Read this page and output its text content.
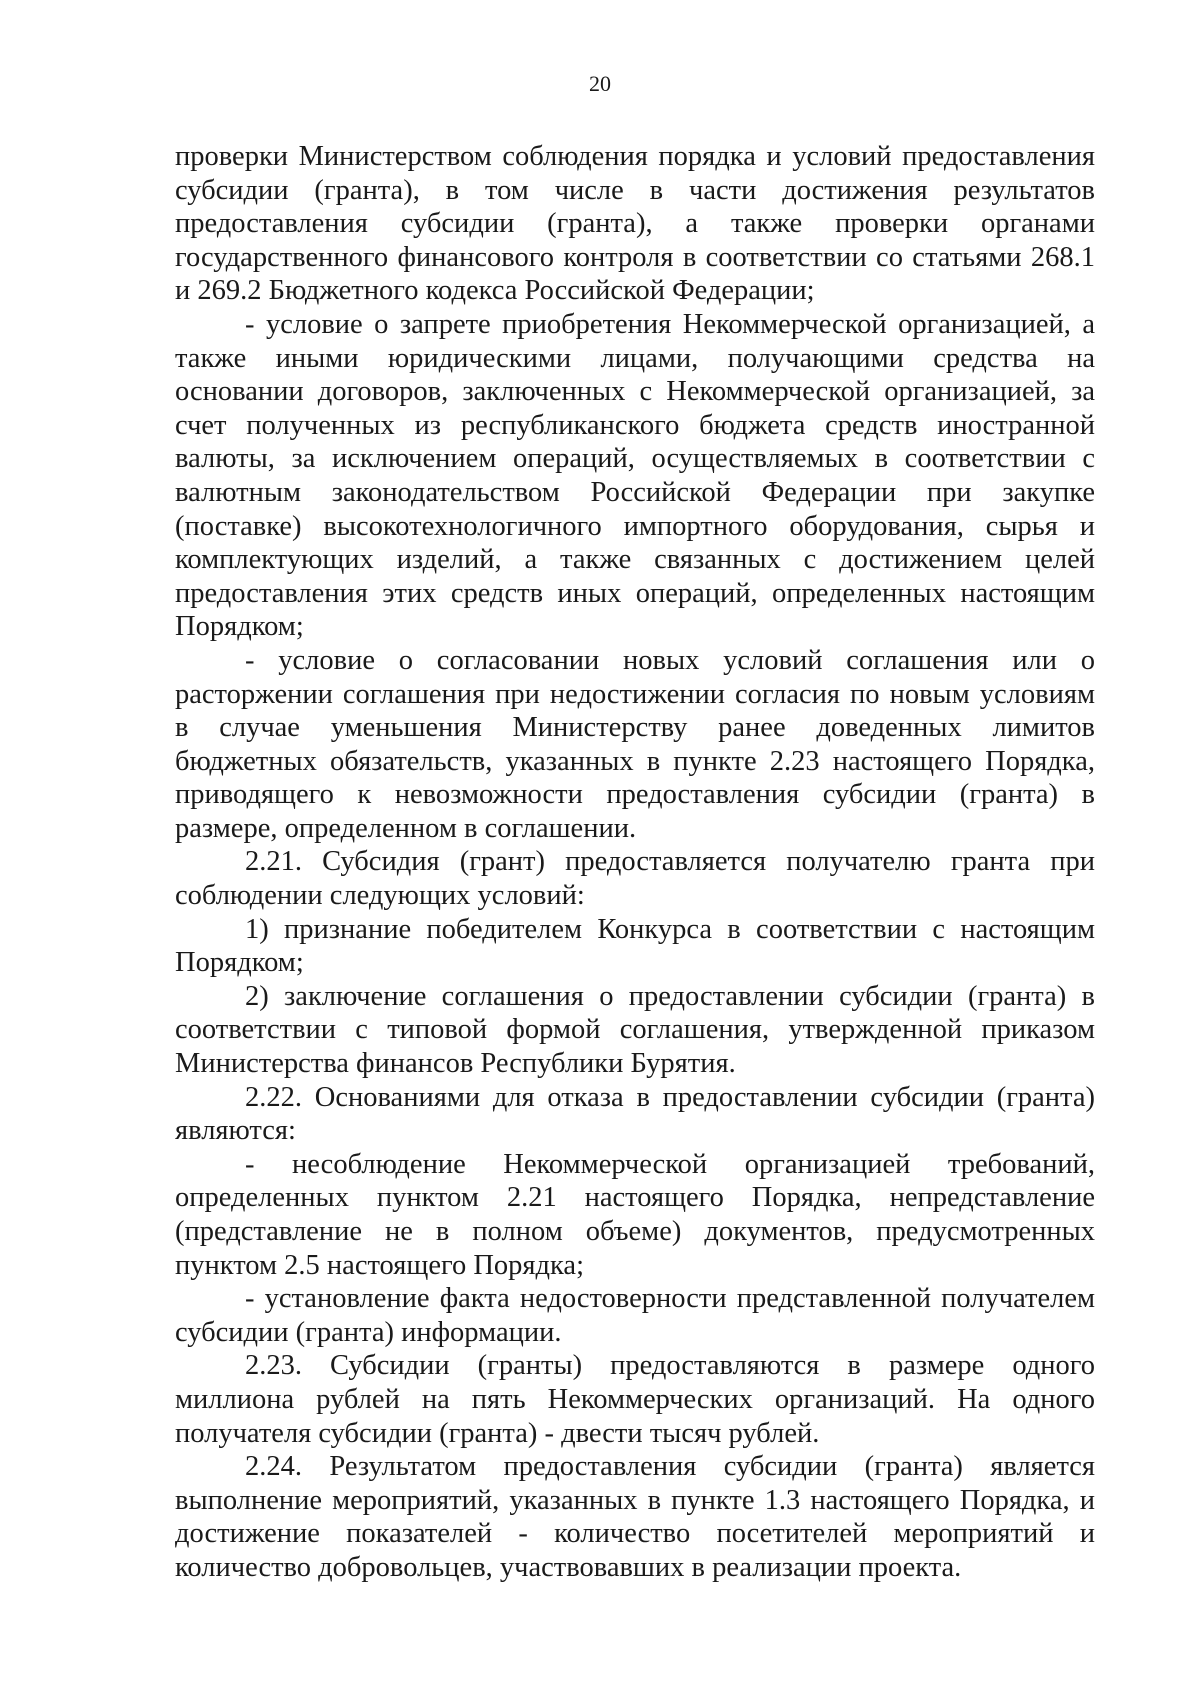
20

проверки Министерством соблюдения порядка и условий предоставления субсидии (гранта), в том числе в части достижения результатов предоставления субсидии (гранта), а также проверки органами государственного финансового контроля в соответствии со статьями 268.1 и 269.2 Бюджетного кодекса Российской Федерации;

- условие о запрете приобретения Некоммерческой организацией, а также иными юридическими лицами, получающими средства на основании договоров, заключенных с Некоммерческой организацией, за счет полученных из республиканского бюджета средств иностранной валюты, за исключением операций, осуществляемых в соответствии с валютным законодательством Российской Федерации при закупке (поставке) высокотехнологичного импортного оборудования, сырья и комплектующих изделий, а также связанных с достижением целей предоставления этих средств иных операций, определенных настоящим Порядком;

- условие о согласовании новых условий соглашения или о расторжении соглашения при недостижении согласия по новым условиям в случае уменьшения Министерству ранее доведенных лимитов бюджетных обязательств, указанных в пункте 2.23 настоящего Порядка, приводящего к невозможности предоставления субсидии (гранта) в размере, определенном в соглашении.

2.21. Субсидия (грант) предоставляется получателю гранта при соблюдении следующих условий:

1) признание победителем Конкурса в соответствии с настоящим Порядком;

2) заключение соглашения о предоставлении субсидии (гранта) в соответствии с типовой формой соглашения, утвержденной приказом Министерства финансов Республики Бурятия.

2.22. Основаниями для отказа в предоставлении субсидии (гранта) являются:

- несоблюдение Некоммерческой организацией требований, определенных пунктом 2.21 настоящего Порядка, непредставление (представление не в полном объеме) документов, предусмотренных пунктом 2.5 настоящего Порядка;

- установление факта недостоверности представленной получателем субсидии (гранта) информации.

2.23. Субсидии (гранты) предоставляются в размере одного миллиона рублей на пять Некоммерческих организаций. На одного получателя субсидии (гранта) - двести тысяч рублей.

2.24. Результатом предоставления субсидии (гранта) является выполнение мероприятий, указанных в пункте 1.3 настоящего Порядка, и достижение показателей - количество посетителей мероприятий и количество добровольцев, участвовавших в реализации проекта.
